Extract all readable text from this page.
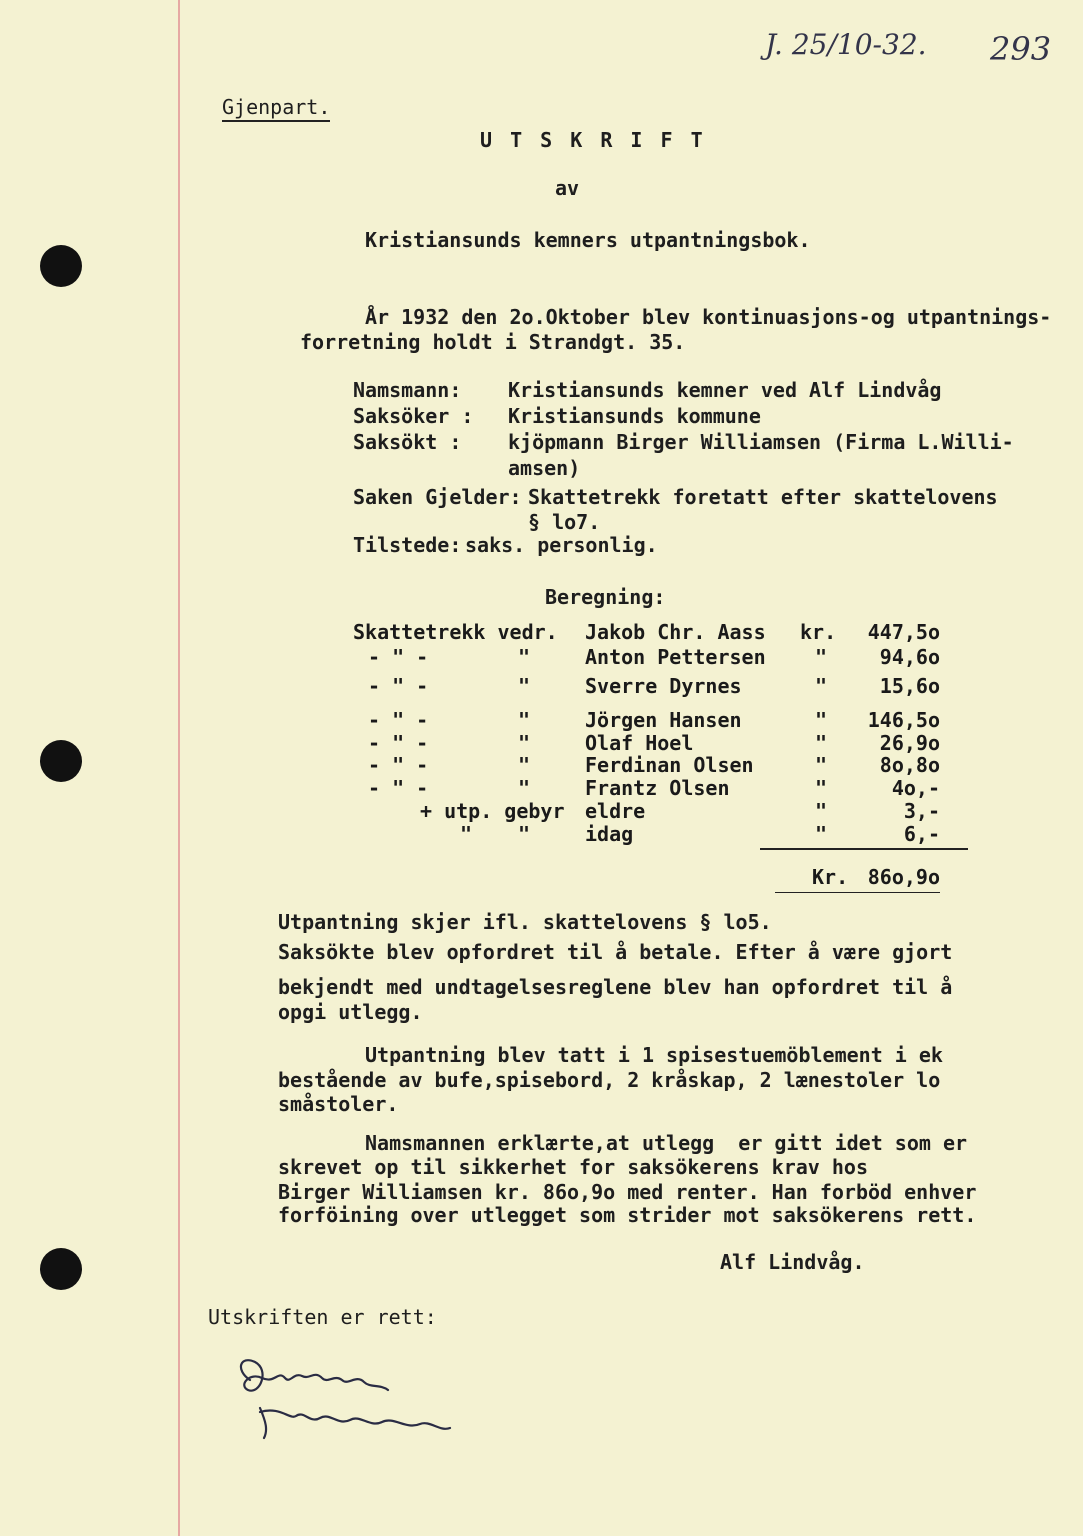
J. 25/10-32. 293
Gjenpart.
U T S K R I F T
av
Kristiansunds kemners utpantningsbok.
År 1932 den 2o.Oktober blev kontinuasjons-og utpantnings-
forretning holdt i Strandgt. 35.
Namsmann: Kristiansunds kemner ved Alf Lindvåg
Saksöker : Kristiansunds kommune
Saksökt : kjöpmann Birger Williamsen (Firma L.Willi-
amsen)
Saken Gjelder: Skattetrekk foretatt efter skattelovens
§ lo7.
Tilstede: saks. personlig.
Beregning:
Skattetrekk vedr. Jakob Chr. Aass kr.	447,5o
- " -	"	Anton Pettersen "	94,6o
- " -	"	Sverre Dyrnes	"	15,6o
- " -	"	Jörgen Hansen	"	146,5o
- " -	"	Olaf Hoel	"	26,9o
- " -	"	Ferdinan Olsen	"	8o,8o
- " -	"	Frantz Olsen	"	4o,-
+ utp. gebyr eldre	"	3,-
" "	idag	"	6,-
Kr. 86o,9o
Utpantning skjer ifl. skattelovens § lo5.
Saksökte blev opfordret til å betale. Efter å være gjort
bekjendt med undtagelsesreglene blev han opfordret til å
opgi utlegg.
Utpantning blev tatt i 1 spisestuemöblement i ek
bestående av bufe,spisebord, 2 kråskap, 2 lænestoler lo
småstoler.
Namsmannen erklærte,at utlegg  er gitt idet som er
skrevet op til sikkerhet for saksökerens krav hos
Birger Williamsen kr. 86o,9o med renter. Han forböd enhver
forföining over utlegget som strider mot saksökerens rett.
Alf Lindvåg.
Utskriften er rett:
